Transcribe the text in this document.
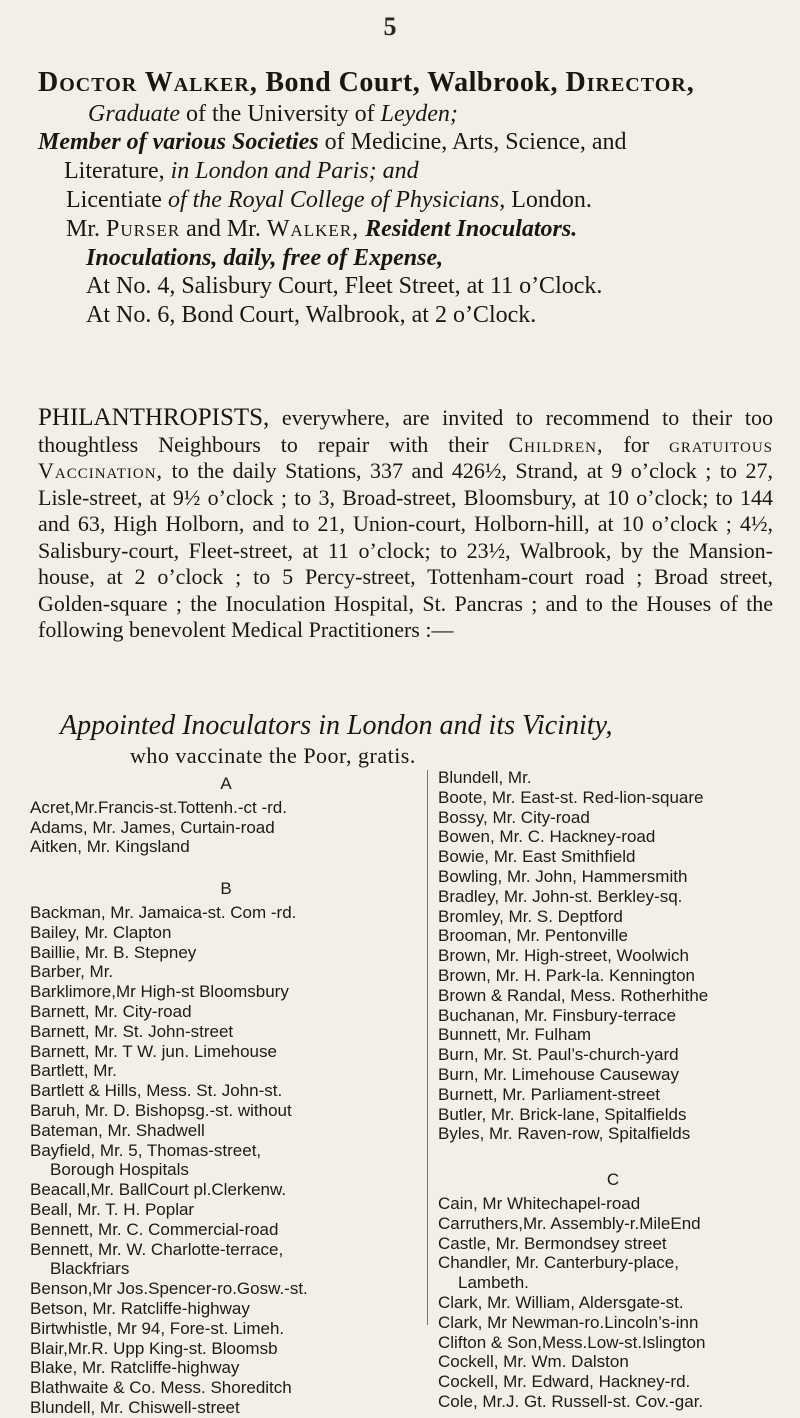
5

Doctor Walker, Bond Court, Walbrook, Director,

Graduate of the University of Leyden;

Member of various Societies of Medicine, Arts, Science, and

Literature, in London and Paris; and

Licentiate of the Royal College of Physicians, London.

Mr. Purser and Mr. Walker, Resident Inoculators.

Inoculations, daily, free of Expense,

At No. 4, Salisbury Court, Fleet Street, at 11 o’Clock.

At No. 6, Bond Court, Walbrook, at 2 o’Clock.

PHILANTHROPISTS, everywhere, are invited to recommend to their too thoughtless Neighbours to repair with their Children, for gratuitous Vaccination, to the daily Stations, 337 and 426½, Strand, at 9 o’clock ; to 27, Lisle-street, at 9½ o’clock ; to 3, Broad-street, Bloomsbury, at 10 o’clock; to 144 and 63, High Holborn, and to 21, Union-court, Holborn-hill, at 10 o’clock ; 4½, Salisbury-court, Fleet-street, at 11 o’clock; to 23½, Walbrook, by the Mansion-house, at 2 o’clock ; to 5 Percy-street, Tottenham-court road ; Broad street, Golden-square ; the Inoculation Hospital, St. Pancras ; and to the Houses of the following benevolent Medical Practitioners :—

Appointed Inoculators in London and its Vicinity,

who vaccinate the Poor, gratis.

A

Acret,Mr.Francis-st.Tottenh.-ct -rd.

Adams, Mr. James, Curtain-road

Aitken, Mr. Kingsland

B

Backman, Mr. Jamaica-st. Com -rd.

Bailey, Mr. Clapton

Baillie, Mr. B. Stepney

Barber, Mr.

Barklimore,Mr High-st Bloomsbury

Barnett, Mr. City-road

Barnett, Mr. St. John-street

Barnett, Mr. T W. jun. Limehouse

Bartlett, Mr.

Bartlett & Hills, Mess. St. John-st.

Baruh, Mr. D. Bishopsg.-st. without

Bateman, Mr. Shadwell

Bayfield, Mr. 5, Thomas-street,

Borough Hospitals

Beacall,Mr. BallCourt pl.Clerkenw.

Beall, Mr. T. H. Poplar

Bennett, Mr. C. Commercial-road

Bennett, Mr. W. Charlotte-terrace,

Blackfriars

Benson,Mr Jos.Spencer-ro.Gosw.-st.

Betson, Mr. Ratcliffe-highway

Birtwhistle, Mr 94, Fore-st. Limeh.

Blair,Mr.R. Upp King-st. Bloomsb

Blake, Mr. Ratcliffe-highway

Blathwaite & Co. Mess. Shoreditch

Blundell, Mr. Chiswell-street

Blundell, Mr.

Boote, Mr. East-st. Red-lion-square

Bossy, Mr. City-road

Bowen, Mr. C. Hackney-road

Bowie, Mr. East Smithfield

Bowling, Mr. John, Hammersmith

Bradley, Mr. John-st. Berkley-sq.

Bromley, Mr. S. Deptford

Brooman, Mr. Pentonville

Brown, Mr. High-street, Woolwich

Brown, Mr. H. Park-la. Kennington

Brown & Randal, Mess. Rotherhithe

Buchanan, Mr. Finsbury-terrace

Bunnett, Mr. Fulham

Burn, Mr. St. Paul’s-church-yard

Burn, Mr. Limehouse Causeway

Burnett, Mr. Parliament-street

Butler, Mr. Brick-lane, Spitalfields

Byles, Mr. Raven-row, Spitalfields

C

Cain, Mr Whitechapel-road

Carruthers,Mr. Assembly-r.MileEnd

Castle, Mr. Bermondsey street

Chandler, Mr. Canterbury-place,

Lambeth.

Clark, Mr. William, Aldersgate-st.

Clark, Mr Newman-ro.Lincoln’s-inn

Clifton & Son,Mess.Low-st.Islington

Cockell, Mr. Wm. Dalston

Cockell, Mr. Edward, Hackney-rd.

Cole, Mr.J. Gt. Russell-st. Cov.-gar.
